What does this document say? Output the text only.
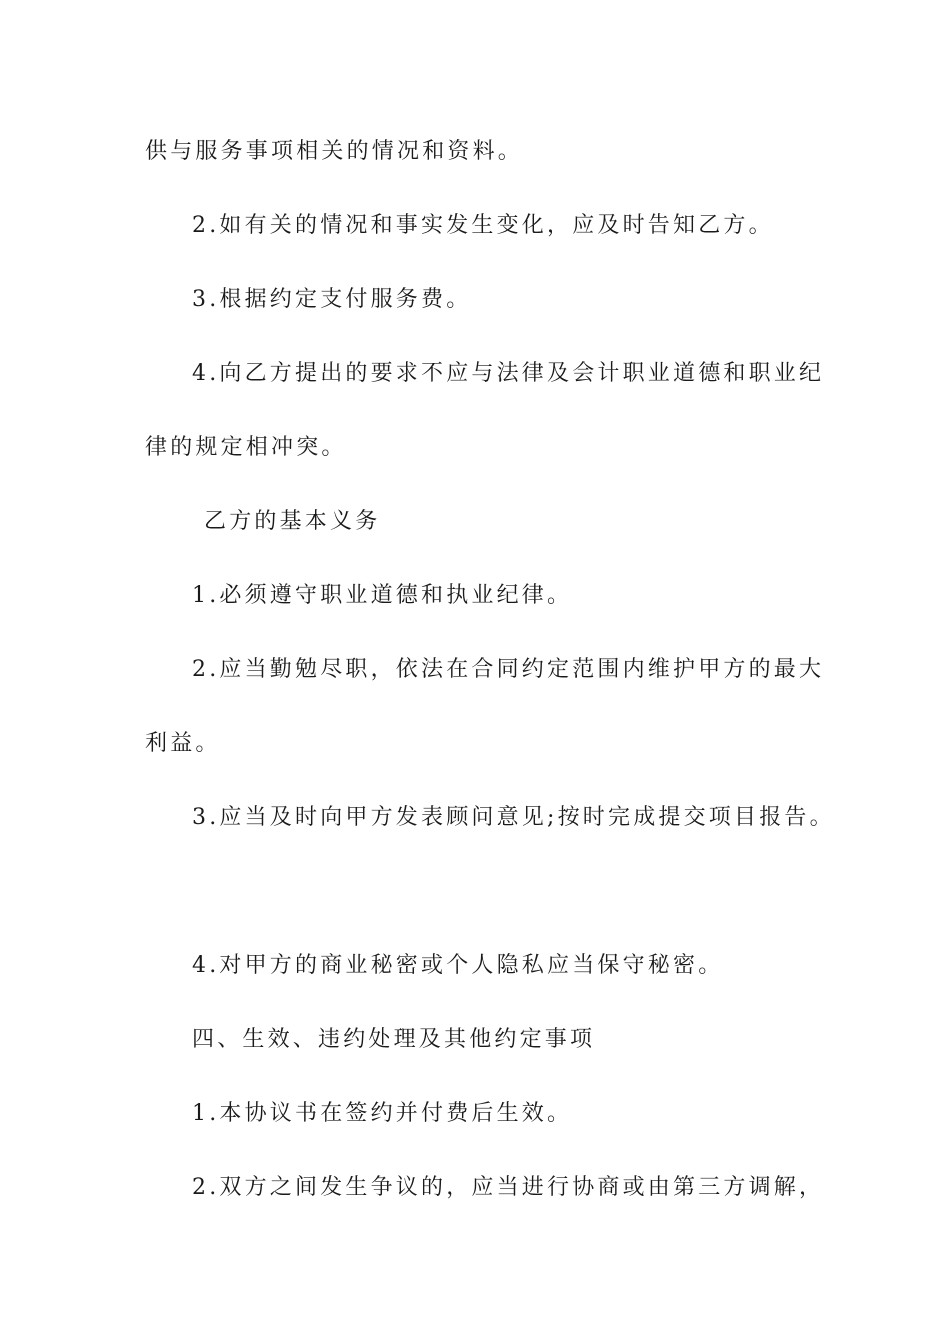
供与服务事项相关的情况和资料。
2.如有关的情况和事实发生变化，应及时告知乙方。
3.根据约定支付服务费。
4.向乙方提出的要求不应与法律及会计职业道德和职业纪
律的规定相冲突。
乙方的基本义务
1.必须遵守职业道德和执业纪律。
2.应当勤勉尽职，依法在合同约定范围内维护甲方的最大
利益。
3.应当及时向甲方发表顾问意见;按时完成提交项目报告。
4.对甲方的商业秘密或个人隐私应当保守秘密。
四、生效、违约处理及其他约定事项
1.本协议书在签约并付费后生效。
2.双方之间发生争议的，应当进行协商或由第三方调解，
